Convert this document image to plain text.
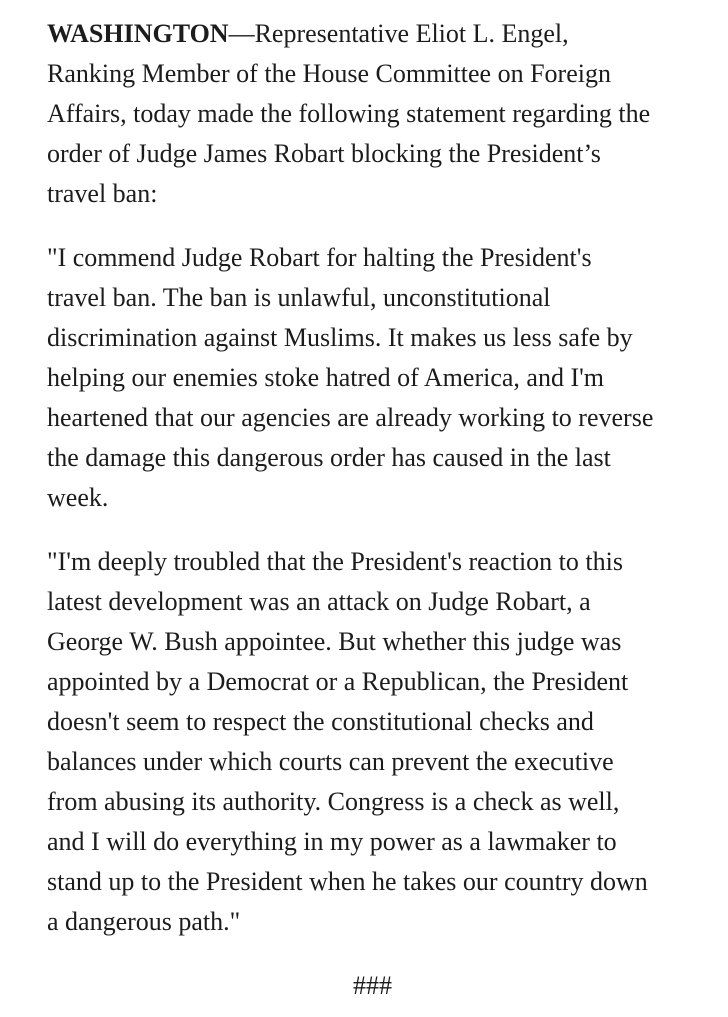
WASHINGTON—Representative Eliot L. Engel,
Ranking Member of the House Committee on Foreign
Affairs, today made the following statement regarding the
order of Judge James Robart blocking the President’s
travel ban:

"I commend Judge Robart for halting the President's
travel ban. The ban is unlawful, unconstitutional
discrimination against Muslims. It makes us less safe by
helping our enemies stoke hatred of America, and I'm
heartened that our agencies are already working to reverse
the damage this dangerous order has caused in the last
week.

"I'm deeply troubled that the President's reaction to this
latest development was an attack on Judge Robart, a
George W. Bush appointee. But whether this judge was
appointed by a Democrat or a Republican, the President
doesn't seem to respect the constitutional checks and
balances under which courts can prevent the executive
from abusing its authority. Congress is a check as well,
and I will do everything in my power as a lawmaker to
stand up to the President when he takes our country down
a dangerous path."

###
